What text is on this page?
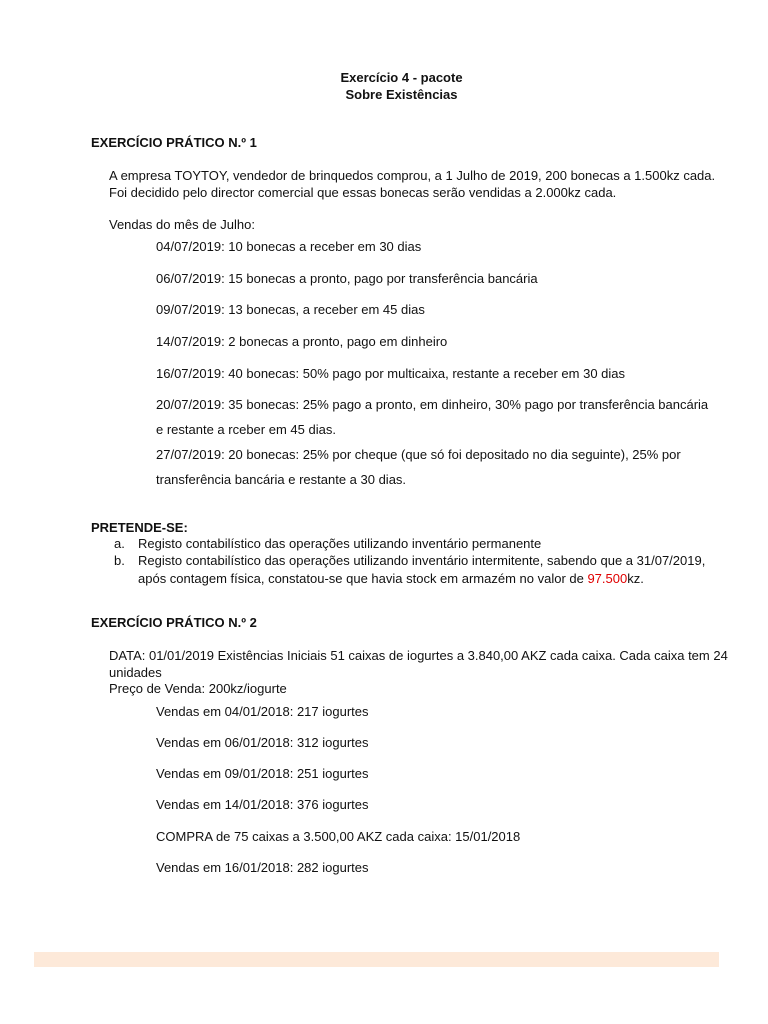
Exercício 4 - pacote
Sobre Existências
EXERCÍCIO PRÁTICO N.º 1
A empresa TOYTOY, vendedor de brinquedos comprou, a 1 Julho de 2019, 200 bonecas a 1.500kz cada.
Foi decidido pelo director comercial que essas bonecas serão vendidas a 2.000kz cada.
Vendas do mês de Julho:
04/07/2019: 10 bonecas a receber em 30 dias
06/07/2019: 15 bonecas a pronto, pago por transferência bancária
09/07/2019: 13 bonecas, a receber em 45 dias
14/07/2019: 2 bonecas a pronto, pago em dinheiro
16/07/2019: 40 bonecas: 50% pago por multicaixa, restante a receber em 30 dias
20/07/2019: 35 bonecas: 25% pago a pronto, em dinheiro, 30% pago por transferência bancária
e restante a rceber em 45 dias.
27/07/2019: 20 bonecas: 25% por cheque (que só foi depositado no dia seguinte), 25% por
transferência bancária e restante a 30 dias.
PRETENDE-SE:
a. Registo contabilístico das operações utilizando inventário permanente
b. Registo contabilístico das operações utilizando inventário intermitente, sabendo que a 31/07/2019,
após contagem física, constatou-se que havia stock em armazém no valor de 97.500kz.
EXERCÍCIO PRÁTICO N.º 2
DATA: 01/01/2019 Existências Iniciais 51 caixas de iogurtes a 3.840,00 AKZ cada caixa. Cada caixa tem 24
unidades
Preço de Venda: 200kz/iogurte
Vendas em 04/01/2018: 217 iogurtes
Vendas em 06/01/2018: 312 iogurtes
Vendas em 09/01/2018: 251 iogurtes
Vendas em 14/01/2018: 376 iogurtes
COMPRA de 75 caixas a 3.500,00 AKZ cada caixa: 15/01/2018
Vendas em 16/01/2018: 282 iogurtes
